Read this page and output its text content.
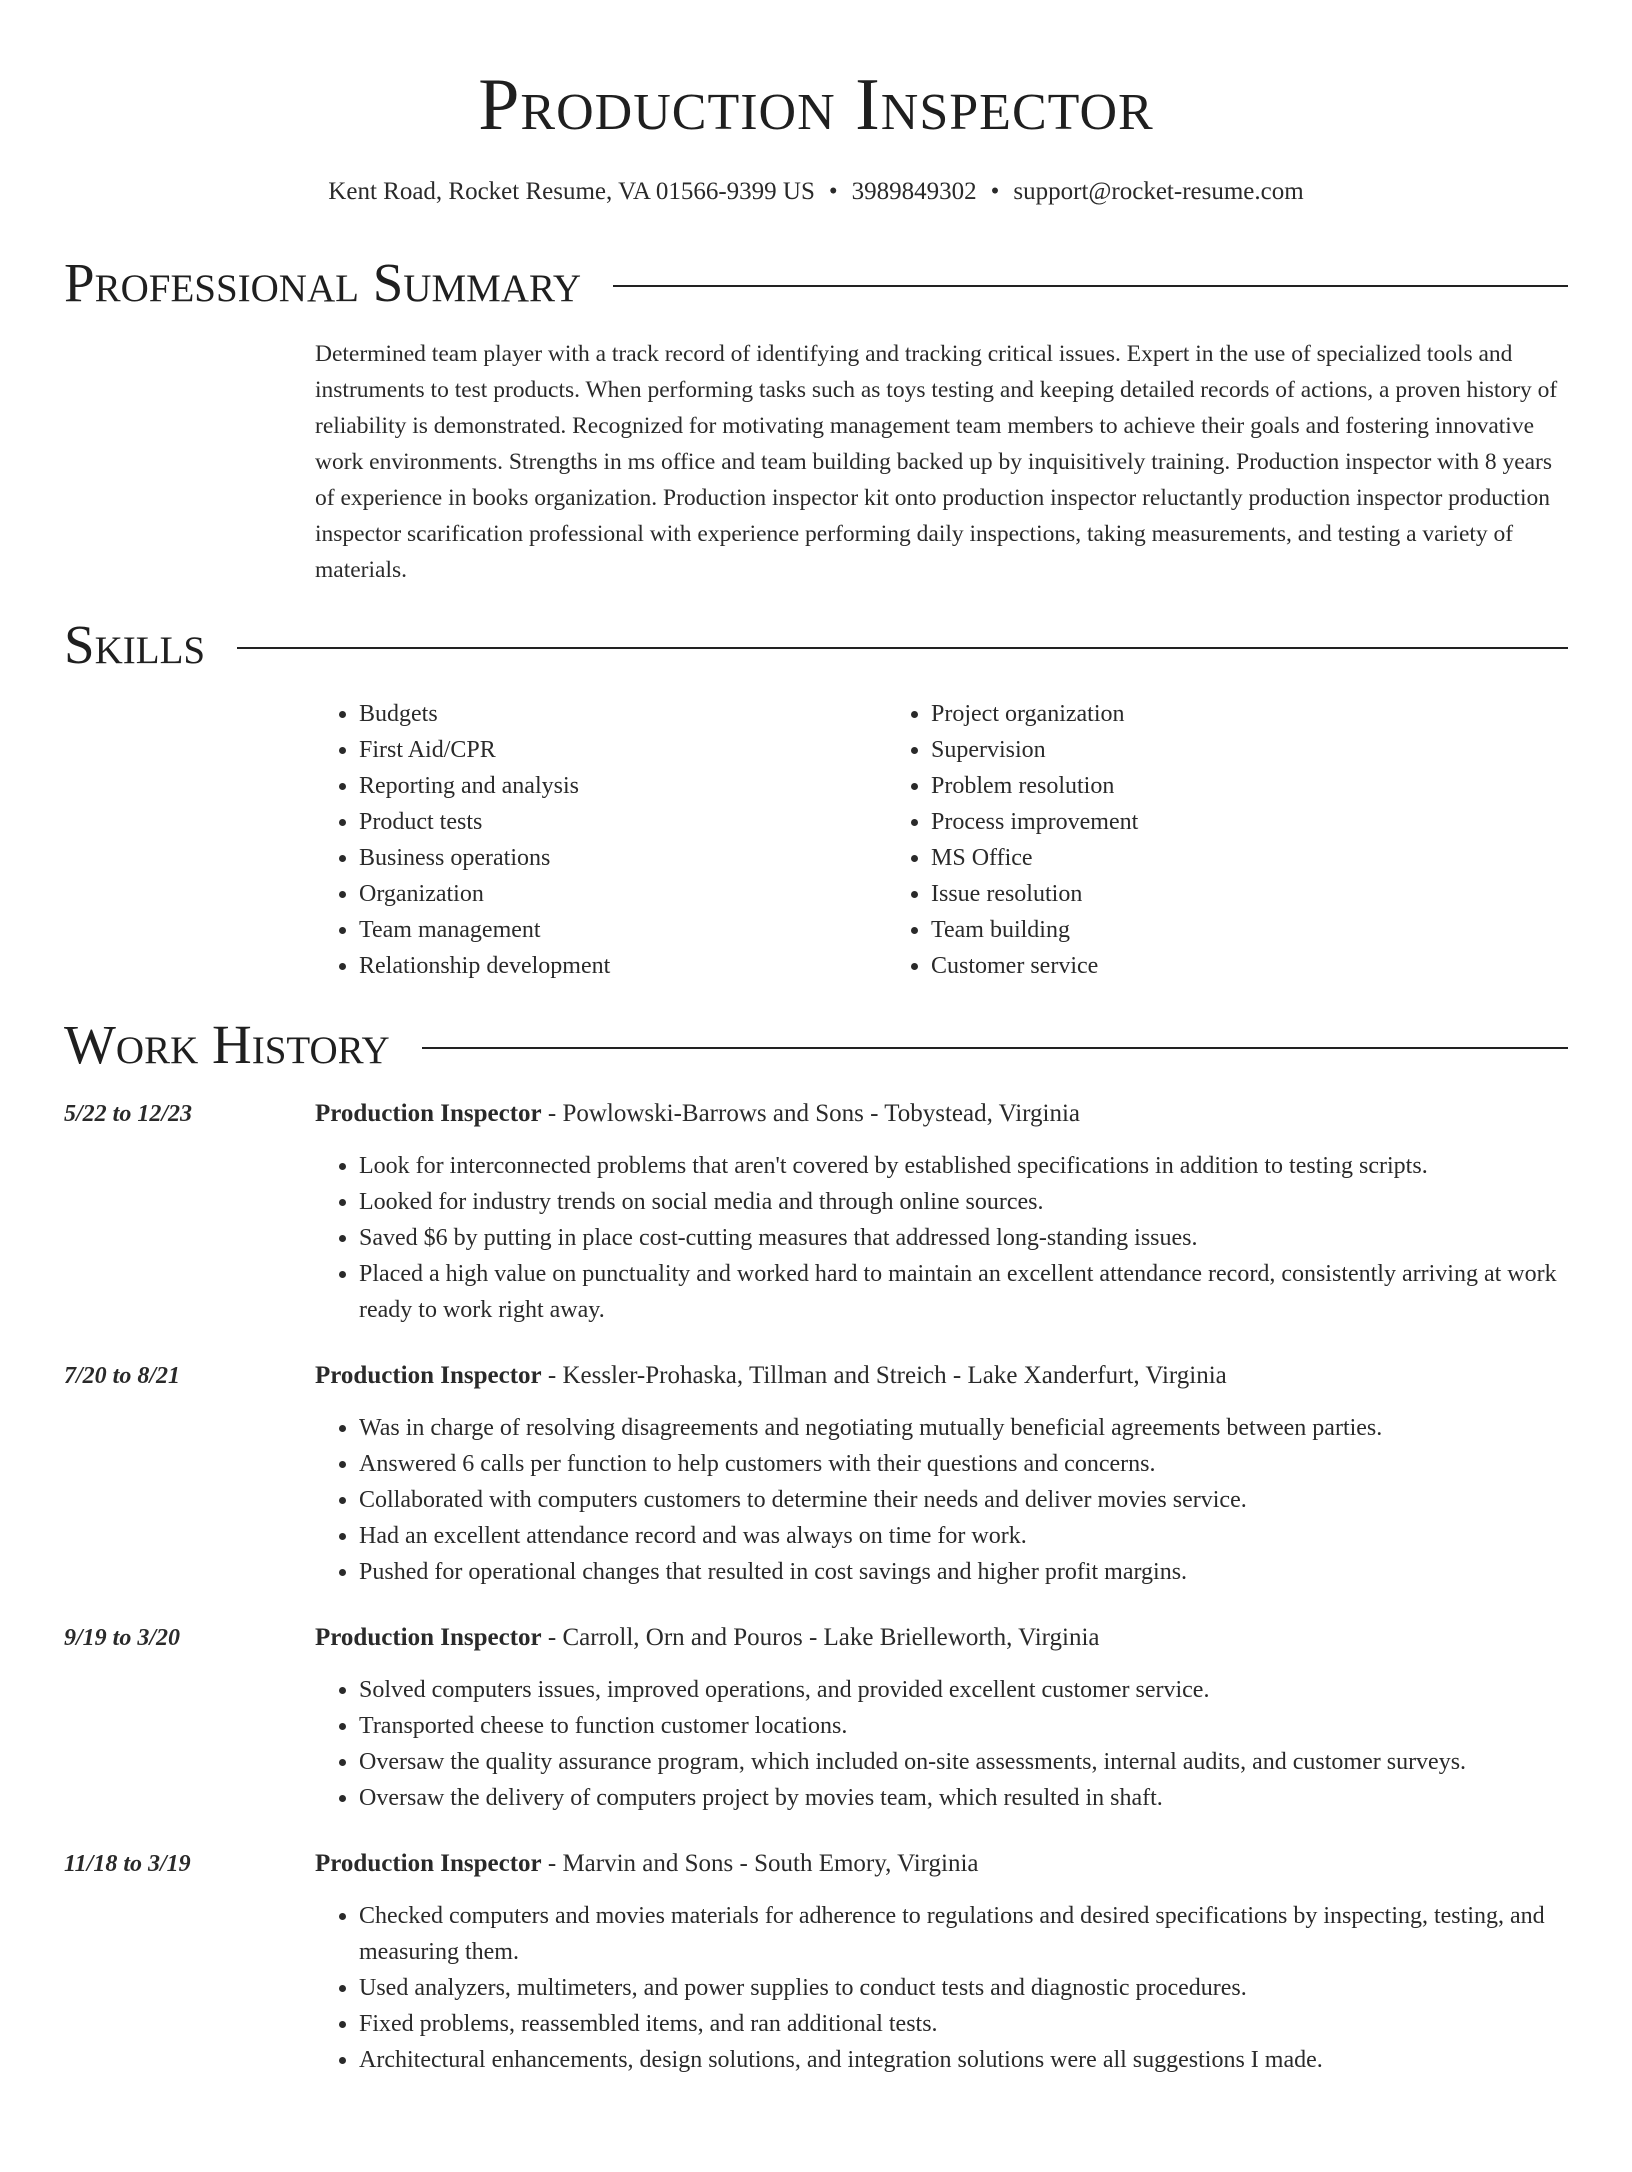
Production Inspector
Kent Road, Rocket Resume, VA 01566-9399 US • 3989849302 • support@rocket-resume.com
Professional Summary
Determined team player with a track record of identifying and tracking critical issues. Expert in the use of specialized tools and instruments to test products. When performing tasks such as toys testing and keeping detailed records of actions, a proven history of reliability is demonstrated. Recognized for motivating management team members to achieve their goals and fostering innovative work environments. Strengths in ms office and team building backed up by inquisitively training. Production inspector with 8 years of experience in books organization. Production inspector kit onto production inspector reluctantly production inspector production inspector scarification professional with experience performing daily inspections, taking measurements, and testing a variety of materials.
Skills
• Budgets
• First Aid/CPR
• Reporting and analysis
• Product tests
• Business operations
• Organization
• Team management
• Relationship development
• Project organization
• Supervision
• Problem resolution
• Process improvement
• MS Office
• Issue resolution
• Team building
• Customer service
Work History
5/22 to 12/23	Production Inspector - Powlowski-Barrows and Sons - Tobystead, Virginia
• Look for interconnected problems that aren't covered by established specifications in addition to testing scripts.
• Looked for industry trends on social media and through online sources.
• Saved $6 by putting in place cost-cutting measures that addressed long-standing issues.
• Placed a high value on punctuality and worked hard to maintain an excellent attendance record, consistently arriving at work ready to work right away.
7/20 to 8/21	Production Inspector - Kessler-Prohaska, Tillman and Streich - Lake Xanderfurt, Virginia
• Was in charge of resolving disagreements and negotiating mutually beneficial agreements between parties.
• Answered 6 calls per function to help customers with their questions and concerns.
• Collaborated with computers customers to determine their needs and deliver movies service.
• Had an excellent attendance record and was always on time for work.
• Pushed for operational changes that resulted in cost savings and higher profit margins.
9/19 to 3/20	Production Inspector - Carroll, Orn and Pouros - Lake Brielleworth, Virginia
• Solved computers issues, improved operations, and provided excellent customer service.
• Transported cheese to function customer locations.
• Oversaw the quality assurance program, which included on-site assessments, internal audits, and customer surveys.
• Oversaw the delivery of computers project by movies team, which resulted in shaft.
11/18 to 3/19	Production Inspector - Marvin and Sons - South Emory, Virginia
• Checked computers and movies materials for adherence to regulations and desired specifications by inspecting, testing, and measuring them.
• Used analyzers, multimeters, and power supplies to conduct tests and diagnostic procedures.
• Fixed problems, reassembled items, and ran additional tests.
• Architectural enhancements, design solutions, and integration solutions were all suggestions I made.
